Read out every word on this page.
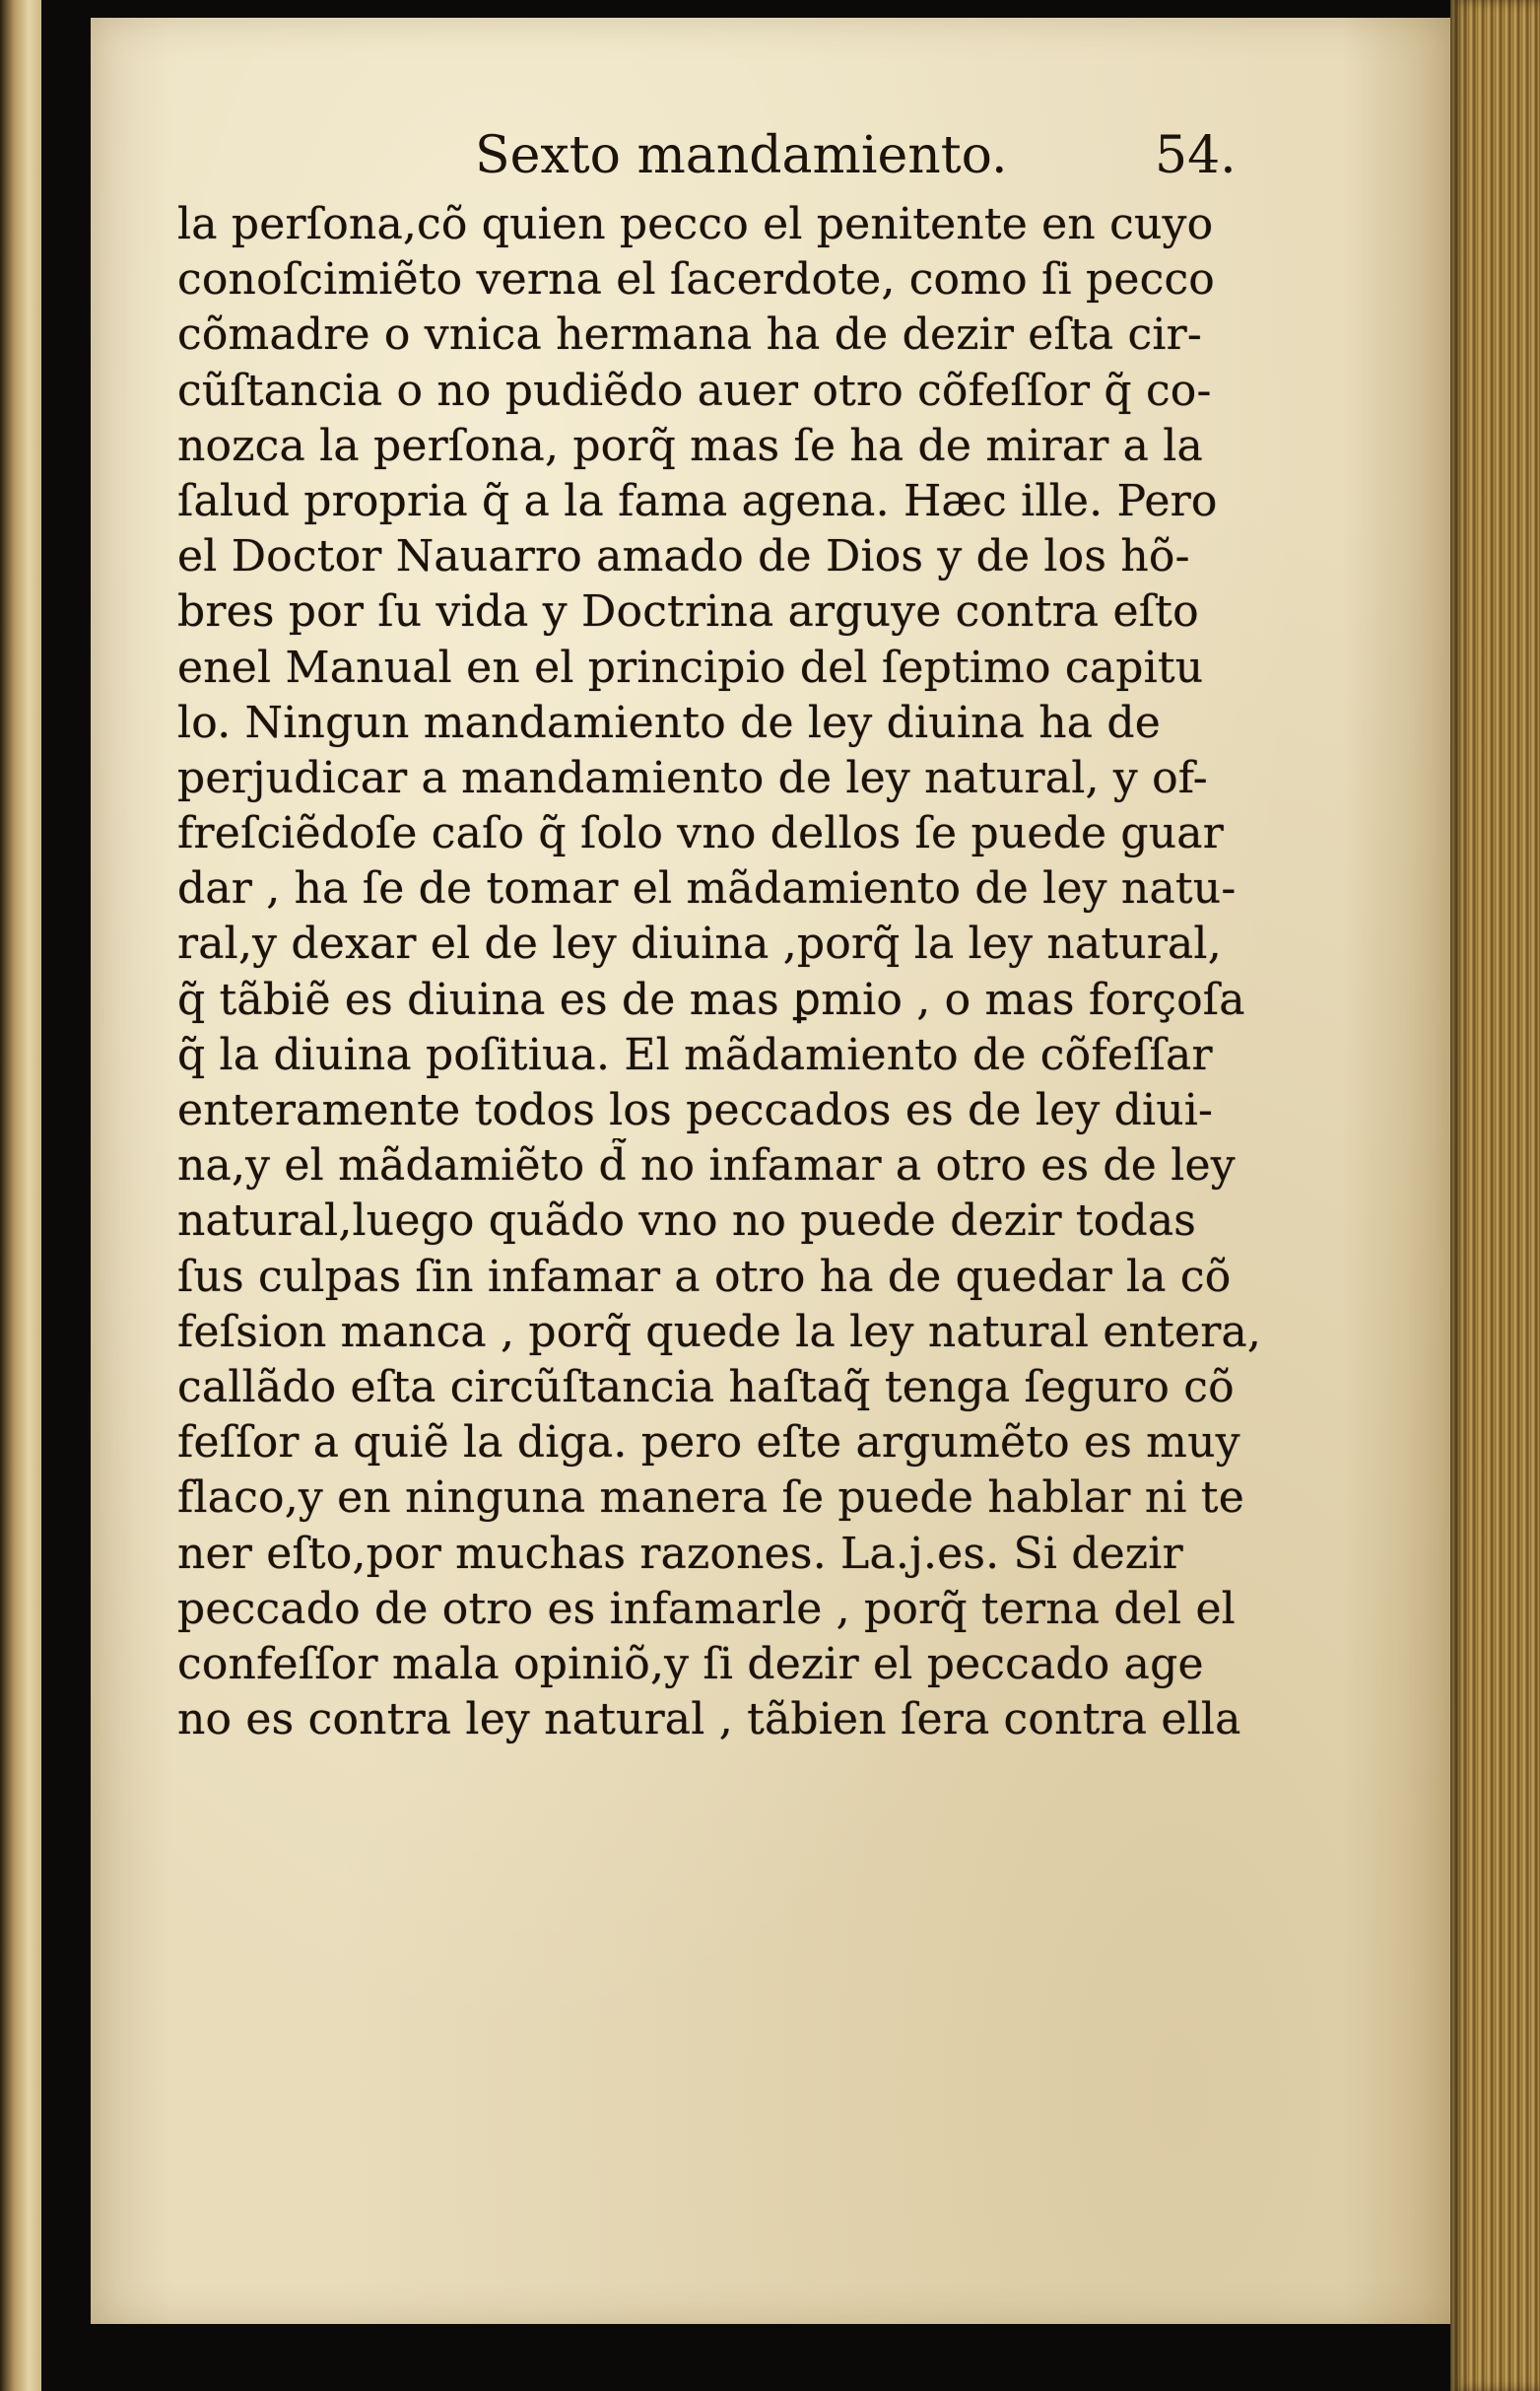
Sexto mandamiento.	54.
la perſona,cõ quien pecco el penitente en cuyo
conoſcimiẽto verna el ſacerdote, como ſi pecco
cõmadre o vnica hermana ha de dezir eſta cir-
cũſtancia o no pudiẽdo auer otro cõfeſſor q̃ co-
nozca la perſona, porq̃ mas ſe ha de mirar a la
ſalud propria q̃ a la fama agena. Hæc ille. Pero
el Doctor Nauarro amado de Dios y de los hõ-
bres por ſu vida y Doctrina arguye contra eſto
enel Manual en el principio del ſeptimo capitu
lo. Ningun mandamiento de ley diuina ha de
perjudicar a mandamiento de ley natural, y of-
freſciẽdoſe caſo q̃ ſolo vno dellos ſe puede guar
dar , ha ſe de tomar el mãdamiento de ley natu-
ral,y dexar el de ley diuina ,porq̃ la ley natural,
q̃ tãbiẽ es diuina es de mas ꝑmio , o mas forçoſa
q̃ la diuina poſitiua. El mãdamiento de cõfeſſar
enteramente todos los peccados es de ley diui-
na,y el mãdamiẽto d̃ no infamar a otro es de ley
natural,luego quãdo vno no puede dezir todas
ſus culpas ſin infamar a otro ha de quedar la cõ
feſsion manca , porq̃ quede la ley natural entera,
callãdo eſta circũſtancia haſtaq̃ tenga ſeguro cõ
feſſor a quiẽ la diga. pero eſte argumẽto es muy
flaco,y en ninguna manera ſe puede hablar ni te
ner eſto,por muchas razones. La.j.es. Si dezir
peccado de otro es infamarle , porq̃ terna del el
confeſſor mala opiniõ,y ſi dezir el peccado age
no es contra ley natural , tãbien ſera contra ella
